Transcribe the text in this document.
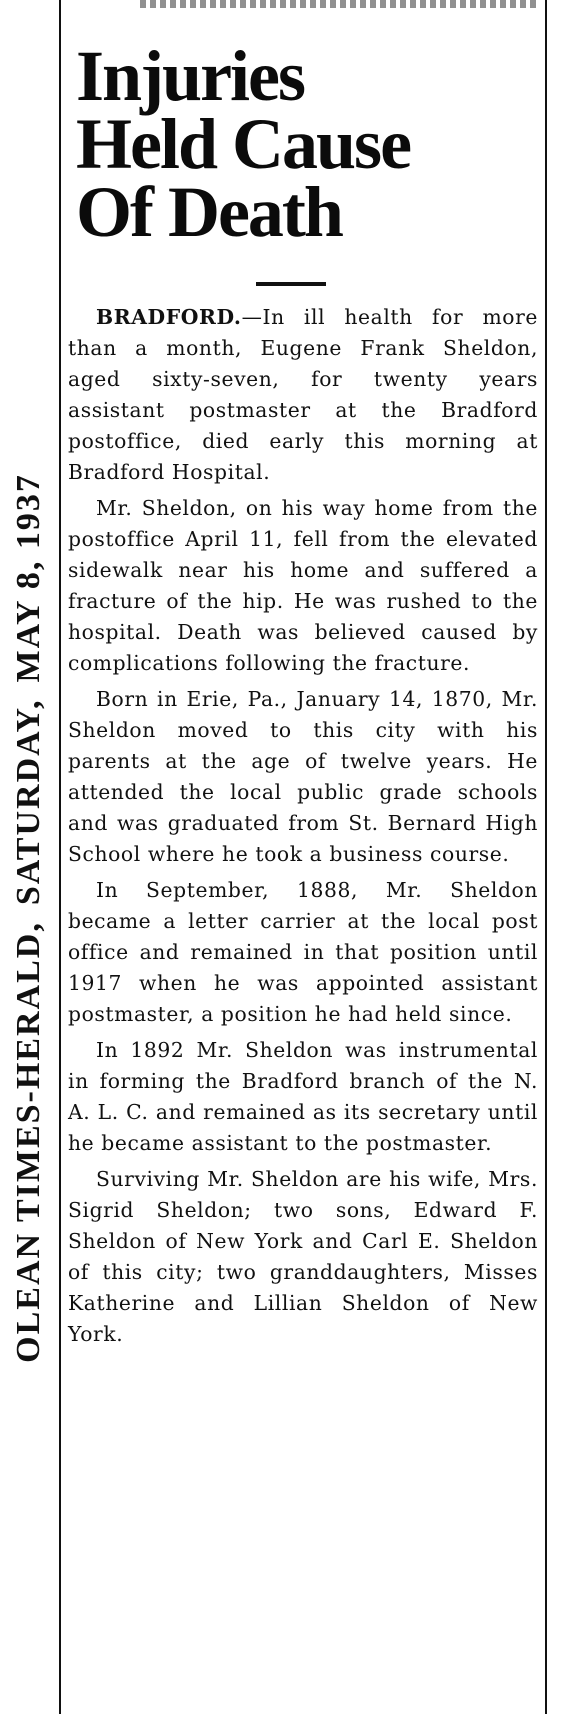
OLEAN TIMES-HERALD,SATURDAY,MAY 8, 1937
Injuries
Held Cause
Of Death

BRADFORD.—In ill health for more than a month, Eugene Frank Sheldon, aged sixty-seven, for twenty years assistant postmaster at the Bradford postoffice, died early this morning at Bradford Hospital.

Mr. Sheldon, on his way home from the postoffice April 11, fell from the elevated sidewalk near his home and suffered a fracture of the hip. He was rushed to the hospital. Death was believed caused by complications following the fracture.

Born in Erie, Pa., January 14, 1870, Mr. Sheldon moved to this city with his parents at the age of twelve years. He attended the local public grade schools and was graduated from St. Bernard High School where he took a business course.

In September, 1888, Mr. Sheldon became a letter carrier at the local post office and remained in that position until 1917 when he was appointed assistant postmaster, a position he had held since.

In 1892 Mr. Sheldon was instrumental in forming the Bradford branch of the N. A. L. C. and remained as its secretary until he became assistant to the postmaster.

Surviving Mr. Sheldon are his wife, Mrs. Sigrid Sheldon; two sons, Edward F. Sheldon of New York and Carl E. Sheldon of this city; two granddaughters, Misses Katherine and Lillian Sheldon of New York.
